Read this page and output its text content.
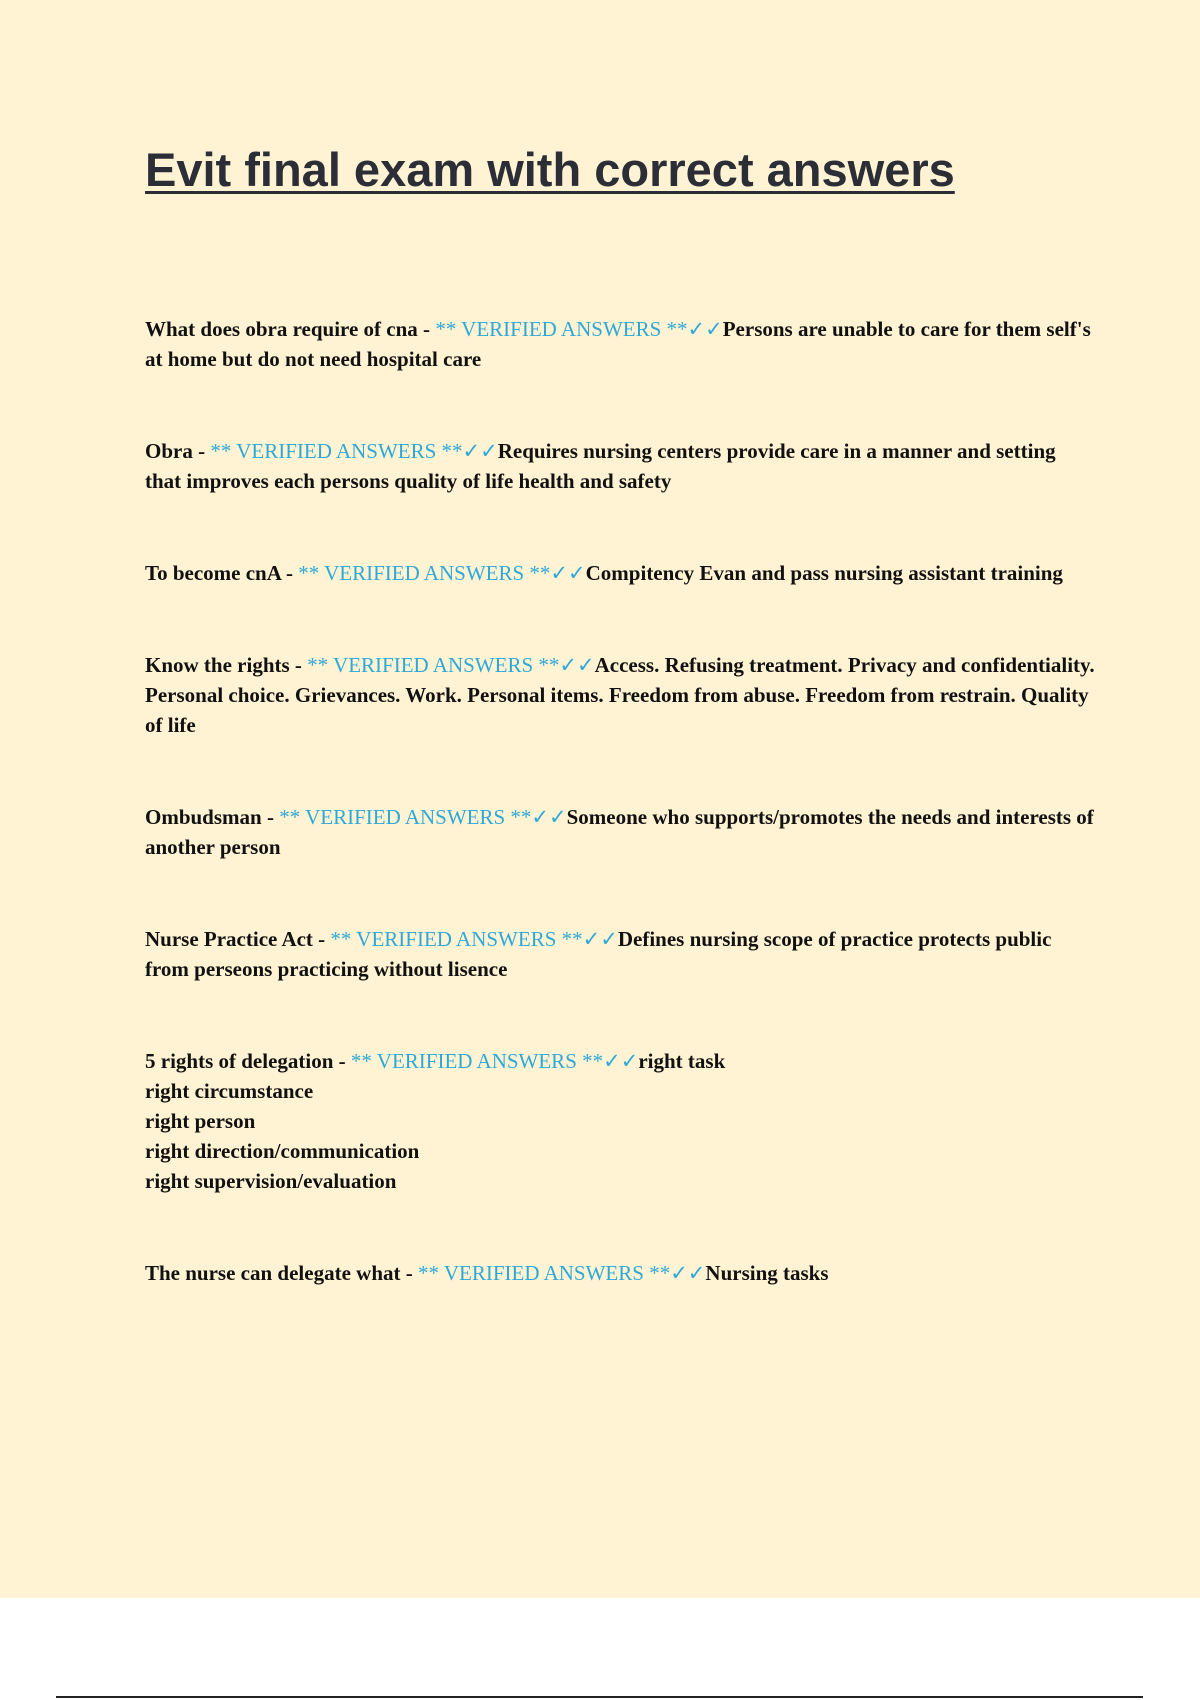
Evit final exam with correct answers

What does obra require of cna - ** VERIFIED ANSWERS **✓✓Persons are unable to care for them self's at home but do not need hospital care

Obra - ** VERIFIED ANSWERS **✓✓Requires nursing centers provide care in a manner and setting that improves each persons quality of life health and safety

To become cnA - ** VERIFIED ANSWERS **✓✓Compitency Evan and pass nursing assistant training

Know the rights - ** VERIFIED ANSWERS **✓✓Access. Refusing treatment. Privacy and confidentiality. Personal choice. Grievances. Work. Personal items. Freedom from abuse. Freedom from restrain. Quality of life

Ombudsman - ** VERIFIED ANSWERS **✓✓Someone who supports/promotes the needs and interests of another person

Nurse Practice Act - ** VERIFIED ANSWERS **✓✓Defines nursing scope of practice protects public from perseons practicing without lisence

5 rights of delegation - ** VERIFIED ANSWERS **✓✓right task

right circumstance

right person

right direction/communication

right supervision/evaluation

The nurse can delegate what - ** VERIFIED ANSWERS **✓✓Nursing tasks
